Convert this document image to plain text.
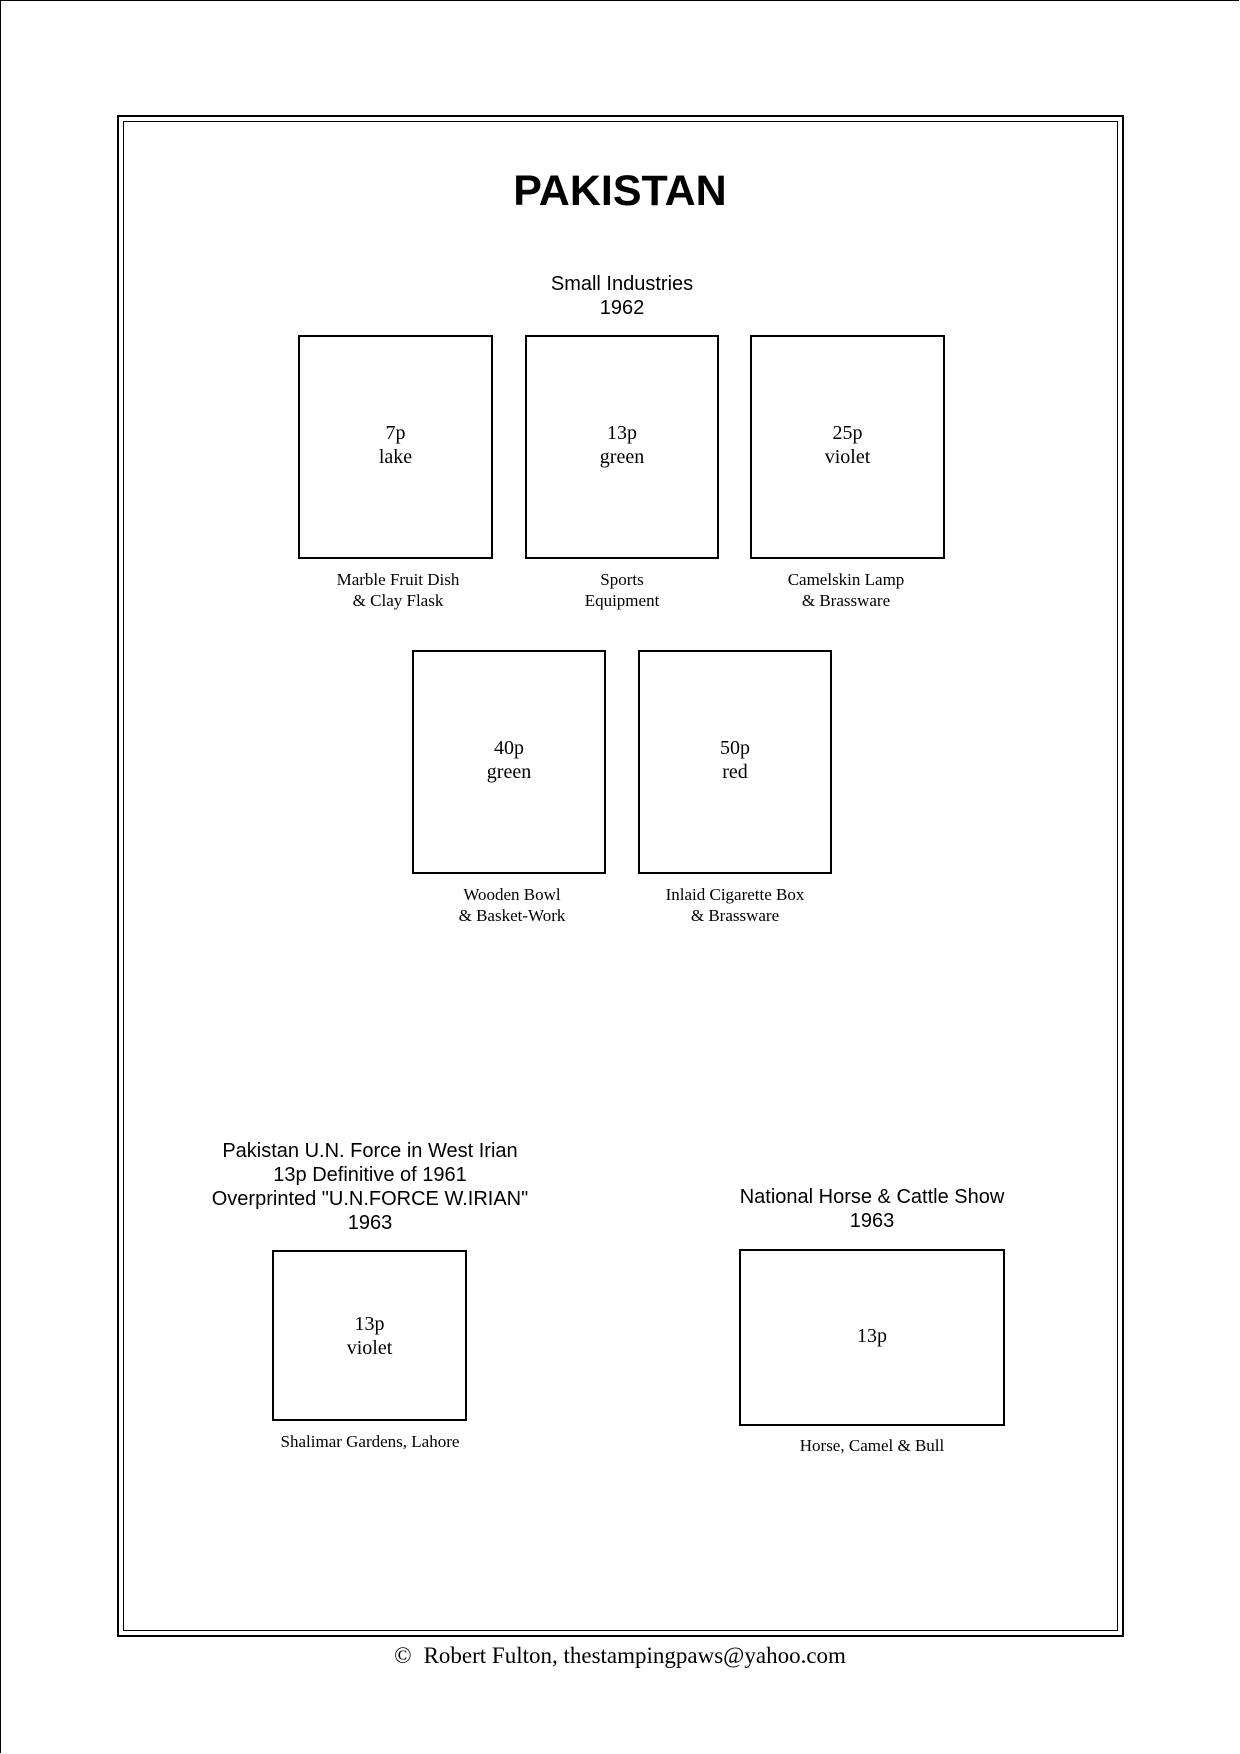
PAKISTAN
Small Industries
1962
7p
lake
Marble Fruit Dish
& Clay Flask
13p
green
Sports
Equipment
25p
violet
Camelskin Lamp
& Brassware
40p
green
Wooden Bowl
& Basket-Work
50p
red
Inlaid Cigarette Box
& Brassware
Pakistan U.N. Force in West Irian
13p Definitive of 1961
Overprinted "U.N.FORCE W.IRIAN"
1963
13p
violet
Shalimar Gardens, Lahore
National Horse & Cattle Show
1963
13p
Horse, Camel & Bull
© Robert Fulton, thestampingpaws@yahoo.com
